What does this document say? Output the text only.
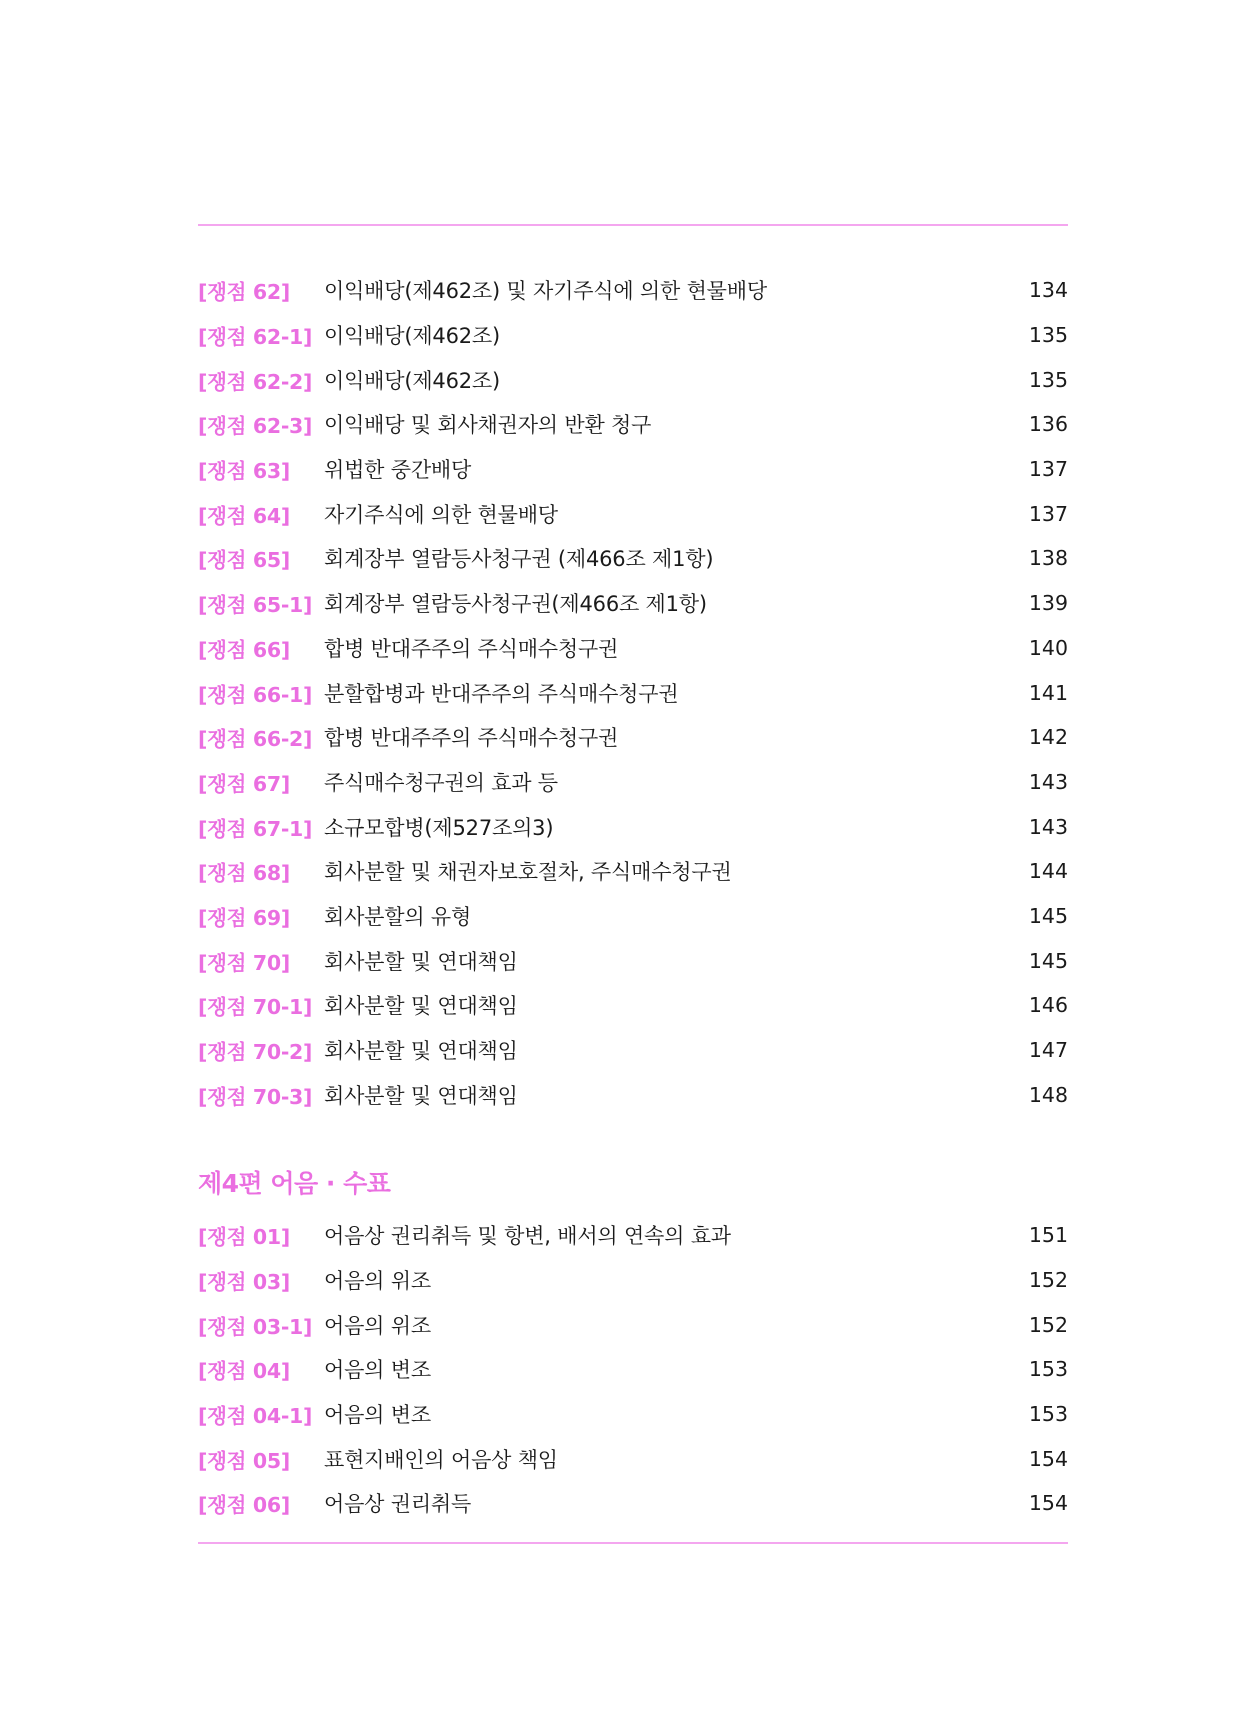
[쟁점 62]	이익배당(제462조) 및 자기주식에 의한 현물배당	134
[쟁점 62-1] 이익배당(제462조)	135
[쟁점 62-2] 이익배당(제462조)	135
[쟁점 62-3] 이익배당 및 회사채권자의 반환 청구	136
[쟁점 63]	위법한 중간배당	137
[쟁점 64]	자기주식에 의한 현물배당	137
[쟁점 65]	회계장부 열람등사청구권 (제466조 제1항)	138
[쟁점 65-1] 회계장부 열람등사청구권(제466조 제1항)	139
[쟁점 66]	합병 반대주주의 주식매수청구권	140
[쟁점 66-1] 분할합병과 반대주주의 주식매수청구권	141
[쟁점 66-2] 합병 반대주주의 주식매수청구권	142
[쟁점 67]	주식매수청구권의 효과 등	143
[쟁점 67-1] 소규모합병(제527조의3)	143
[쟁점 68]	회사분할 및 채권자보호절차, 주식매수청구권	144
[쟁점 69]	회사분할의 유형	145
[쟁점 70]	회사분할 및 연대책임	145
[쟁점 70-1] 회사분할 및 연대책임	146
[쟁점 70-2] 회사분할 및 연대책임	147
[쟁점 70-3] 회사분할 및 연대책임	148
제4편 어음 · 수표
[쟁점 01]	어음상 권리취득 및 항변, 배서의 연속의 효과	151
[쟁점 03]	어음의 위조	152
[쟁점 03-1] 어음의 위조	152
[쟁점 04]	어음의 변조	153
[쟁점 04-1] 어음의 변조	153
[쟁점 05]	표현지배인의 어음상 책임	154
[쟁점 06]	어음상 권리취득	154
